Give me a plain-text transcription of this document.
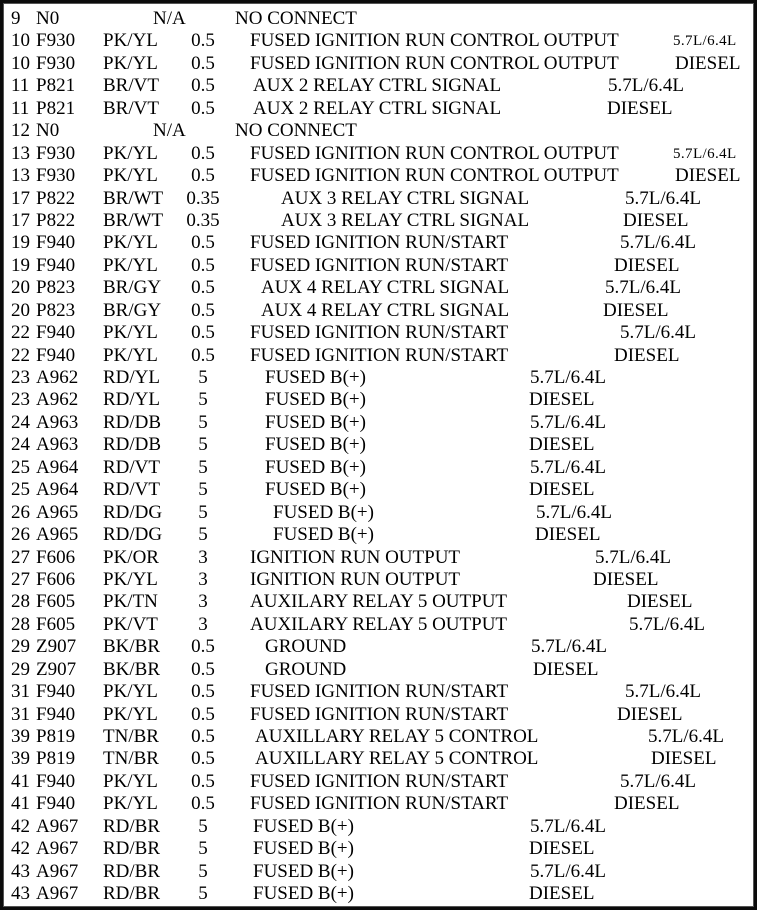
9 N0	N/A	NO CONNECT
10 F930 PK/YL	0.5	FUSED IGNITION RUN CONTROL OUTPUT	5.7L/6.4L
10 F930 PK/YL	0.5	FUSED IGNITION RUN CONTROL OUTPUT	DIESEL
11 P821 BR/VT	0.5	AUX 2 RELAY CTRL SIGNAL	5.7L/6.4L
11 P821 BR/VT	0.5	AUX 2 RELAY CTRL SIGNAL	DIESEL
12 N0	N/A	NO CONNECT
13 F930 PK/YL	0.5	FUSED IGNITION RUN CONTROL OUTPUT	5.7L/6.4L
13 F930 PK/YL	0.5	FUSED IGNITION RUN CONTROL OUTPUT	DIESEL
17 P822 BR/WT	0.35	AUX 3 RELAY CTRL SIGNAL	5.7L/6.4L
17 P822 BR/WT	0.35	AUX 3 RELAY CTRL SIGNAL	DIESEL
19 F940 PK/YL	0.5	FUSED IGNITION RUN/START	5.7L/6.4L
19 F940 PK/YL	0.5	FUSED IGNITION RUN/START	DIESEL
20 P823 BR/GY	0.5	AUX 4 RELAY CTRL SIGNAL	5.7L/6.4L
20 P823 BR/GY	0.5	AUX 4 RELAY CTRL SIGNAL	DIESEL
22 F940 PK/YL	0.5	FUSED IGNITION RUN/START	5.7L/6.4L
22 F940 PK/YL	0.5	FUSED IGNITION RUN/START	DIESEL
23 A962 RD/YL	5	FUSED B(+)	5.7L/6.4L
23 A962 RD/YL	5	FUSED B(+)	DIESEL
24 A963 RD/DB	5	FUSED B(+)	5.7L/6.4L
24 A963 RD/DB	5	FUSED B(+)	DIESEL
25 A964 RD/VT	5	FUSED B(+)	5.7L/6.4L
25 A964 RD/VT	5	FUSED B(+)	DIESEL
26 A965 RD/DG	5	FUSED B(+)	5.7L/6.4L
26 A965 RD/DG	5	FUSED B(+)	DIESEL
27 F606 PK/OR	3	IGNITION RUN OUTPUT	5.7L/6.4L
27 F606 PK/YL	3	IGNITION RUN OUTPUT	DIESEL
28 F605 PK/TN	3	AUXILARY RELAY 5 OUTPUT	DIESEL
28 F605 PK/VT	3	AUXILARY RELAY 5 OUTPUT	5.7L/6.4L
29 Z907 BK/BR	0.5	GROUND	5.7L/6.4L
29 Z907 BK/BR	0.5	GROUND	DIESEL
31 F940 PK/YL	0.5	FUSED IGNITION RUN/START	5.7L/6.4L
31 F940 PK/YL	0.5	FUSED IGNITION RUN/START	DIESEL
39 P819 TN/BR	0.5	AUXILLARY RELAY 5 CONTROL	5.7L/6.4L
39 P819 TN/BR	0.5	AUXILLARY RELAY 5 CONTROL	DIESEL
41 F940 PK/YL	0.5	FUSED IGNITION RUN/START	5.7L/6.4L
41 F940 PK/YL	0.5	FUSED IGNITION RUN/START	DIESEL
42 A967 RD/BR	5	FUSED B(+)	5.7L/6.4L
42 A967 RD/BR	5	FUSED B(+)	DIESEL
43 A967 RD/BR	5	FUSED B(+)	5.7L/6.4L
43 A967 RD/BR	5	FUSED B(+)	DIESEL
